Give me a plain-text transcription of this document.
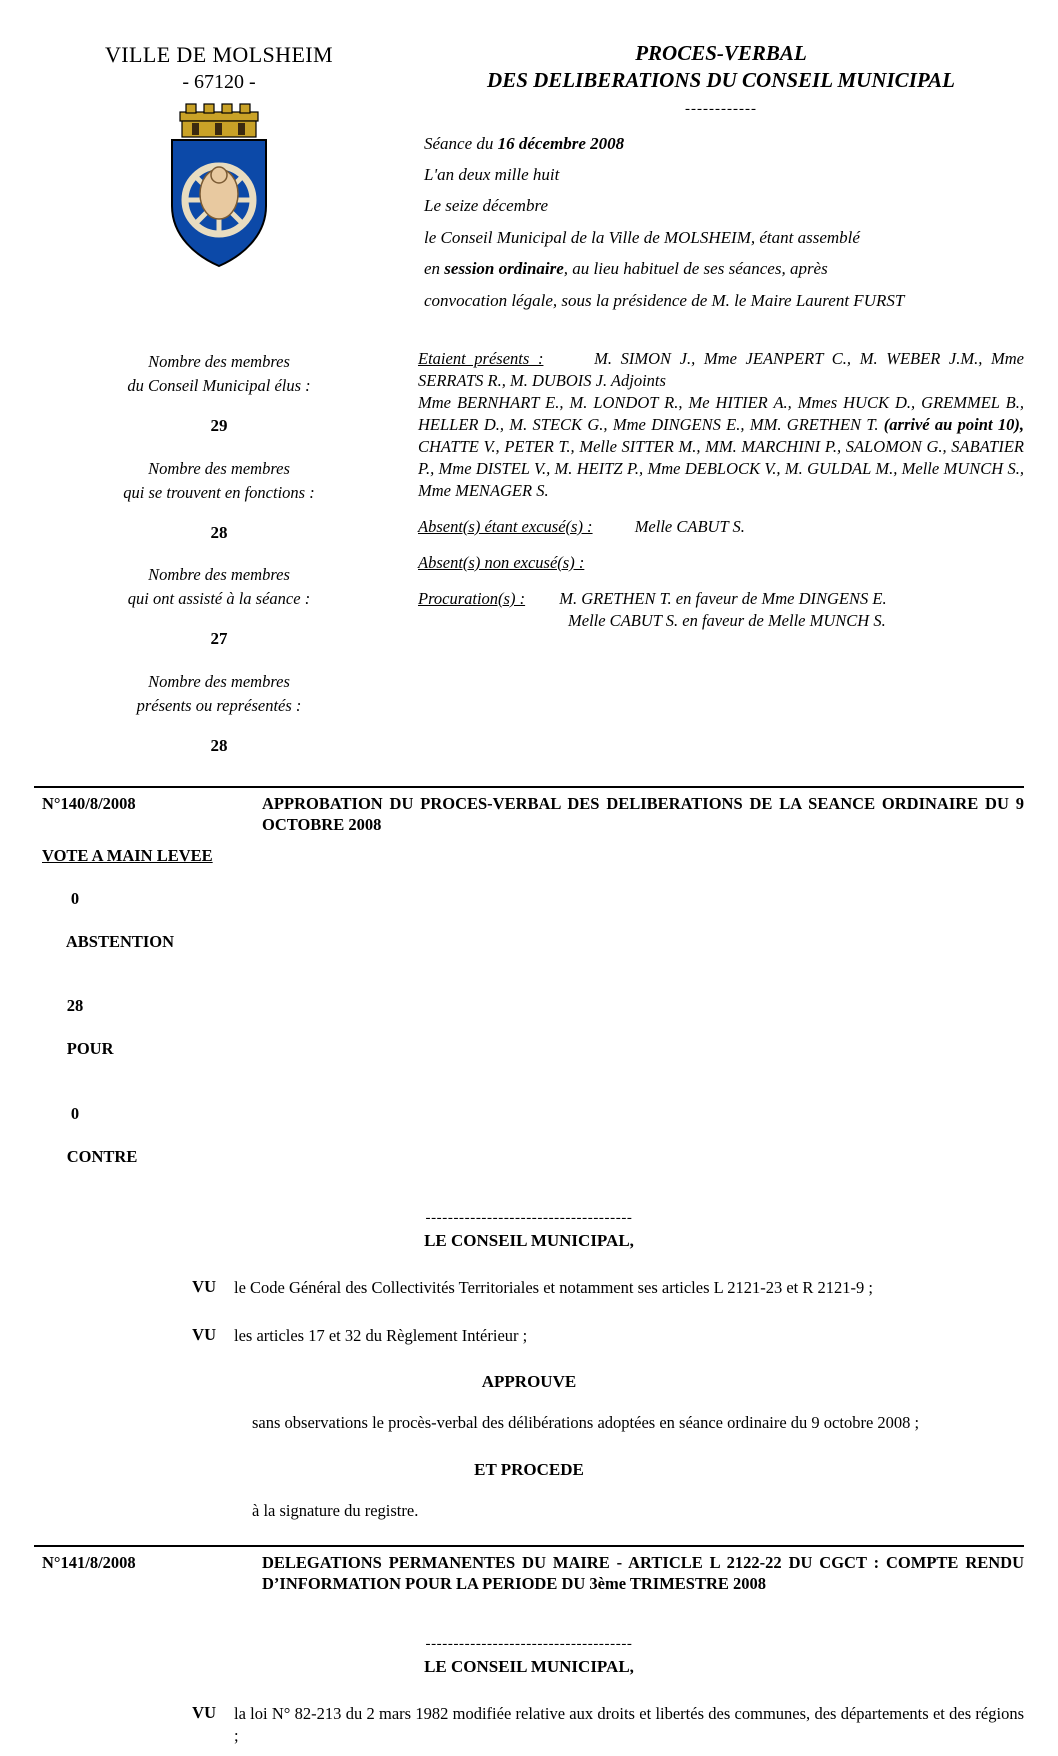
VILLE DE MOLSHEIM
- 67120 -
PROCES-VERBAL
DES DELIBERATIONS DU CONSEIL MUNICIPAL
------------
Séance du 16 décembre 2008
L'an deux mille huit
Le seize décembre
le Conseil Municipal de la Ville de MOLSHEIM, étant assemblé
en session ordinaire, au lieu habituel de ses séances, après
convocation légale, sous la présidence de M. le Maire Laurent FURST
Nombre des membres
du Conseil Municipal élus :
29
Nombre des membres
qui se trouvent en fonctions :
28
Nombre des membres
qui ont assisté à la séance :
27
Nombre des membres
présents ou représentés :
28
Etaient présents :	M. SIMON J., Mme JEANPERT C., M. WEBER J.M., Mme SERRATS R., M. DUBOIS J. Adjoints
Mme BERNHART E., M. LONDOT R., Me HITIER A., Mmes HUCK D., GREMMEL B., HELLER D., M. STECK G., Mme DINGENS E., MM. GRETHEN T. (arrivé au point 10), CHATTE V., PETER T., Melle SITTER M., MM. MARCHINI P., SALOMON G., SABATIER P., Mme DISTEL V., M. HEITZ P., Mme DEBLOCK V., M. GULDAL M., Melle MUNCH S., Mme MENAGER S.
Absent(s) étant excusé(s) :	Melle CABUT S.
Absent(s) non excusé(s) :
Procuration(s) : M. GRETHEN T. en faveur de Mme DINGENS E.
Melle CABUT S. en faveur de Melle MUNCH S.
N°140/8/2008	APPROBATION DU PROCES-VERBAL DES DELIBERATIONS DE LA SEANCE ORDINAIRE DU 9 OCTOBRE 2008
VOTE A MAIN LEVEE

0

ABSTENTION

28

POUR

0

CONTRE

-------------------------------------
LE CONSEIL MUNICIPAL,
VU	le Code Général des Collectivités Territoriales et notamment ses articles L 2121-23 et R 2121-9 ;
VU	les articles 17 et 32 du Règlement Intérieur ;
APPROUVE
sans observations le procès-verbal des délibérations adoptées en séance ordinaire du 9 octobre 2008 ;
ET PROCEDE
à la signature du registre.
N°141/8/2008	DELEGATIONS PERMANENTES DU MAIRE - ARTICLE L 2122-22 DU CGCT : COMPTE RENDU D’INFORMATION POUR LA PERIODE DU 3ème TRIMESTRE 2008
-------------------------------------
LE CONSEIL MUNICIPAL,
VU	la loi N° 82-213 du 2 mars 1982 modifiée relative aux droits et libertés des communes, des départements et des régions ;
